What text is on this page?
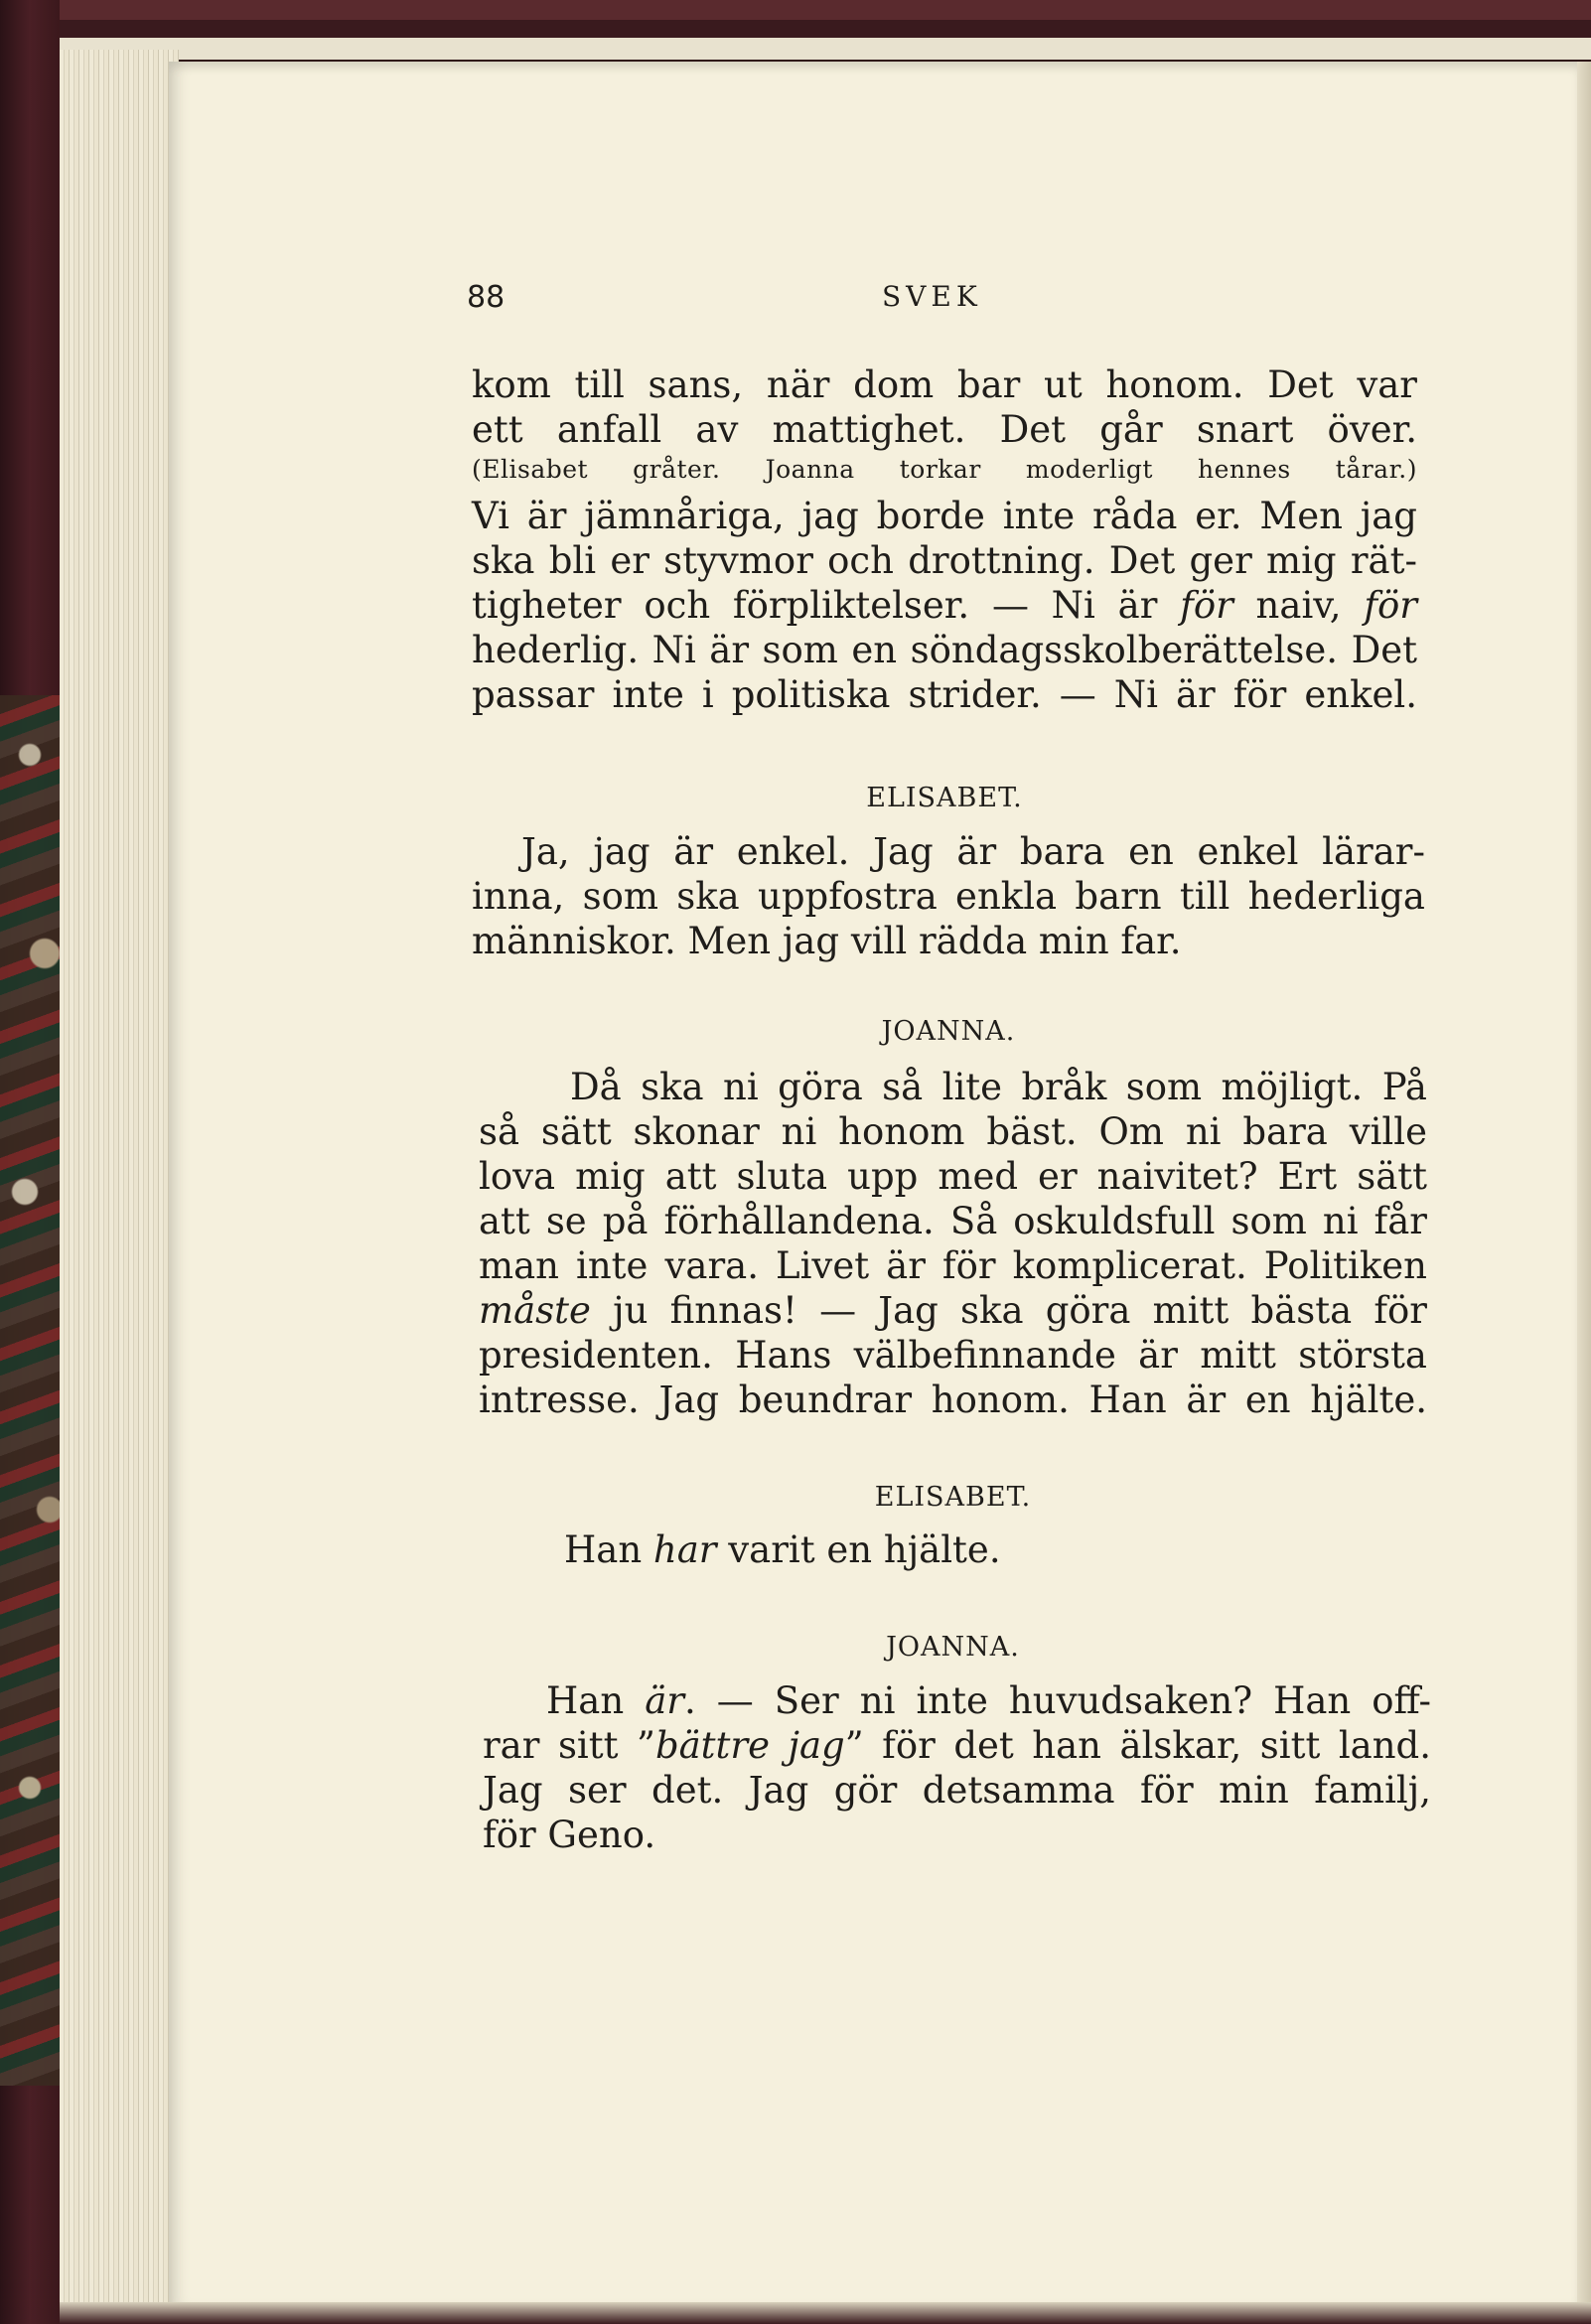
88	SVEK
kom till sans, när dom bar ut honom. Det var
ett anfall av mattighet. Det går snart över.
(Elisabet gråter. Joanna torkar moderligt hennes tårar.)
Vi är jämnåriga, jag borde inte råda er. Men jag
ska bli er styvmor och drottning. Det ger mig rät-
tigheter och förpliktelser. — Ni är för naiv, för
hederlig. Ni är som en söndagsskolberättelse. Det
passar inte i politiska strider. — Ni är för enkel.
ELISABET.
Ja, jag är enkel. Jag är bara en enkel lärar-
inna, som ska uppfostra enkla barn till hederliga
människor. Men jag vill rädda min far.
JOANNA.
Då ska ni göra så lite bråk som möjligt. På
så sätt skonar ni honom bäst. Om ni bara ville
lova mig att sluta upp med er naivitet? Ert sätt
att se på förhållandena. Så oskuldsfull som ni får
man inte vara. Livet är för komplicerat. Politiken
måste ju finnas! — Jag ska göra mitt bästa för
presidenten. Hans välbefinnande är mitt största
intresse. Jag beundrar honom. Han är en hjälte.
ELISABET.
Han har varit en hjälte.
JOANNA.
Han är. — Ser ni inte huvudsaken? Han off-
rar sitt ”bättre jag” för det han älskar, sitt land.
Jag ser det. Jag gör detsamma för min familj,
för Geno.
